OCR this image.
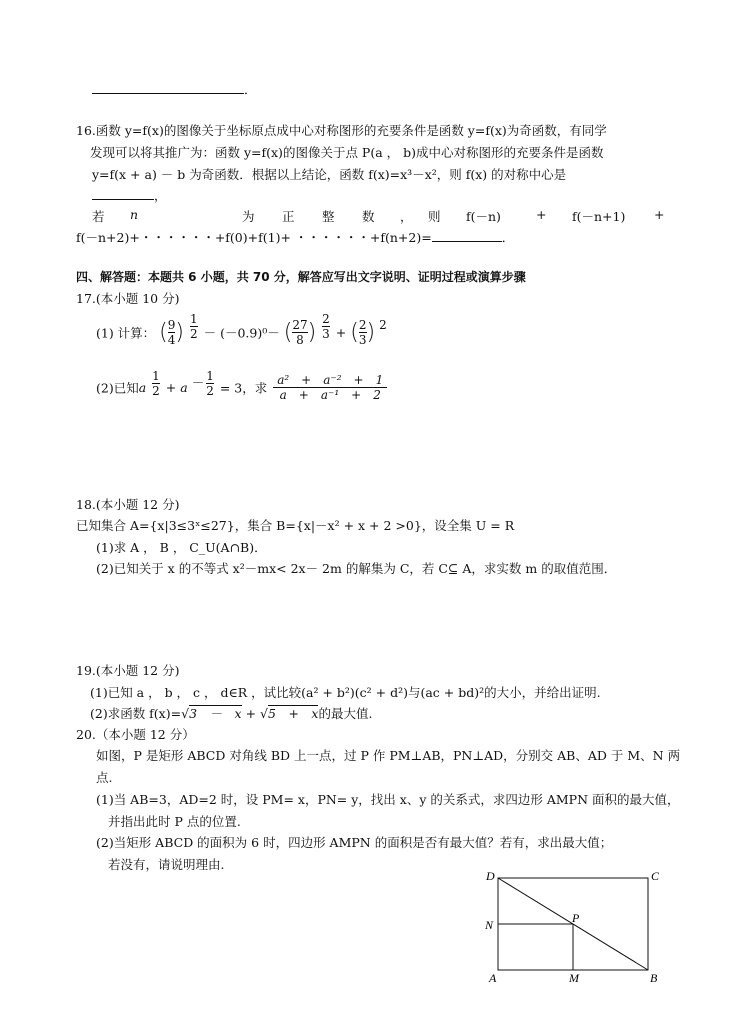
．
16.函数 y=f(x)的图像关于坐标原点成中心对称图形的充要条件是函数 y=f(x)为奇函数，有同学
发现可以将其推广为：函数 y=f(x)的图像关于点 P(a ， b)成中心对称图形的充要条件是函数
y=f(x + a) － b 为奇函数．根据以上结论，函数 f(x)=x³－x²，则 f(x) 的对称中心是
，
若 n	为 正 整 数 ， 则 f(－n)	+ f(－n+1) +
f(－n+2)+・・・・・・+f(0)+f(1)+ ・・・・・・+f(n+2)=	．
四、解答题：本题共 6 小题，共 70 分，解答应写出文字说明、证明过程或演算步骤
17.(本小题 10 分)
(1) 计算： ( $\frac{9}{4}$ ) $\frac{1}{2} - (-0.9)^0-$ ( $\frac{27}{8}$ ) $\frac{2}{3}$ + ( $\frac{2}{3}$ ) 2
(2)已知a $\frac{1}{2} + a - \frac{1}{2} = 3$，求 $\frac{\text{a²　+　a⁻²　+　1}}{\text{a　+　a⁻¹　+　2}}$
18.(本小题 12 分)
已知集合 A={x|3≤3ˣ≤27}，集合 B={x|－x² + x + 2 >0}，设全集 U = R
(1)求 A ， B ， C_U(A∩B)．
(2)已知关于 x 的不等式 x²－mx< 2x－ 2m 的解集为 C，若 C⊆ A，求实数 m 的取值范围．
19.(本小题 12 分)
(1)已知 a ， b ， c ， d∈R ，试比较(a² + b²)(c² + d²)与(ac + bd)²的大小，并给出证明.
(2)求函数 f(x)=√3　－　x + √5　+　x的最大值.
20.（本小题 12 分）
如图，P 是矩形 ABCD 对角线 BD 上一点，过 P 作 PM⊥AB，PN⊥AD，分别交 AB、AD 于 M、N 两
点.
(1)当 AB=3，AD=2 时，设 PM= x，PN= y，找出 x、y 的关系式，求四边形 AMPN 面积的最大值，
并指出此时 P 点的位置.
(2)当矩形 ABCD 的面积为 6 时，四边形 AMPN 的面积是否有最大值？若有，求出最大值；
若没有，请说明理由.
D	C
N	P
A	M	B
